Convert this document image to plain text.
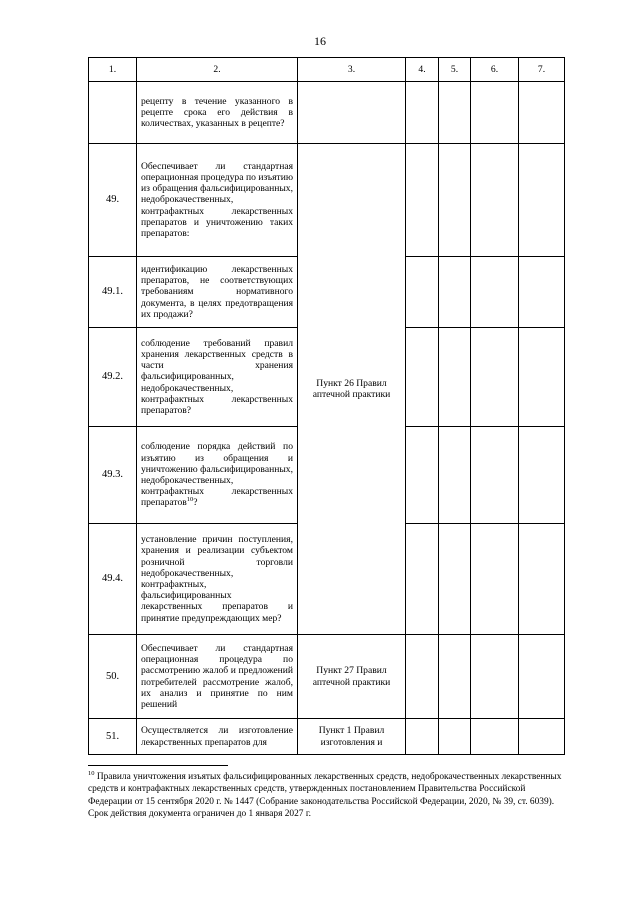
16
1.	2.	3.	4.	5.	6.	7.
	рецепту в течение указанного в рецепте срока его действия в количествах, указанных в рецепте?					
49.	Обеспечивает ли стандартная операционная процедура по изъятию из обращения фальсифицированных, недоброкачественных, контрафактных лекарственных препаратов и уничтожению таких препаратов:	Пункт 26 Правил аптечной практики				
49.1.	идентификацию лекарственных препаратов, не соответствующих требованиям нормативного документа, в целях предотвращения их продажи?					
49.2.	соблюдение требований правил хранения лекарственных средств в части хранения фальсифицированных, недоброкачественных, контрафактных лекарственных препаратов?					
49.3.	соблюдение порядка действий по изъятию из обращения и уничтожению фальсифицированных, недоброкачественных, контрафактных лекарственных препаратов$^{10}$?					
49.4.	установление причин поступления, хранения и реализации субъектом розничной торговли недоброкачественных, контрафактных, фальсифицированных лекарственных препаратов и принятие предупреждающих мер?					
50.	Обеспечивает ли стандартная операционная процедура по рассмотрению жалоб и предложений потребителей рассмотрение жалоб, их анализ и принятие по ним решений	Пункт 27 Правил аптечной практики				
51.	Осуществляется ли изготовление лекарственных препаратов для	Пункт 1 Правил изготовления и				
$^{10}$ Правила уничтожения изъятых фальсифицированных лекарственных средств, недоброкачественных лекарственных средств и контрафактных лекарственных средств, утвержденных постановлением Правительства Российской Федерации от 15 сентября 2020 г. № 1447 (Собрание законодательства Российской Федерации, 2020, № 39, ст. 6039). Срок действия документа ограничен до 1 января 2027 г.
